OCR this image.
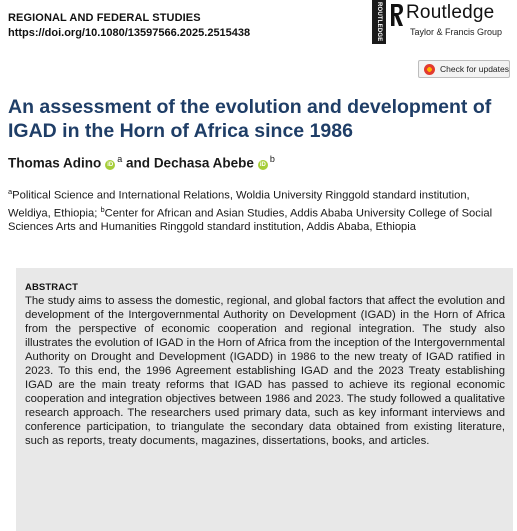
REGIONAL AND FEDERAL STUDIES
https://doi.org/10.1080/13597566.2025.2515438	ROUTLEDGE Routledge
Taylor & Francis Group
Check for updates
An assessment of the evolution and development of IGAD in the Horn of Africa since 1986
Thomas Adino $iD^a$ and Dechasa Abebe $iD^b$

$^a$Political Science and International Relations, Woldia University Ringgold standard institution, Weldiya, Ethiopia; $^b$Center for African and Asian Studies, Addis Ababa University College of Social Sciences Arts and Humanities Ringgold standard institution, Addis Ababa, Ethiopia

ABSTRACT

The study aims to assess the domestic, regional, and global factors that affect the evolution and development of the Intergovernmental Authority on Development (IGAD) in the Horn of Africa from the perspective of economic cooperation and regional integration. The study also illustrates the evolution of IGAD in the Horn of Africa from the inception of the Intergovernmental Authority on Drought and Development (IGADD) in 1986 to the new treaty of IGAD ratified in 2023. To this end, the 1996 Agreement establishing IGAD and the 2023 Treaty establishing IGAD are the main treaty reforms that IGAD has passed to achieve its regional economic cooperation and integration objectives between 1986 and 2023. The study followed a qualitative research approach. The researchers used primary data, such as key informant interviews and conference participation, to triangulate the secondary data obtained from existing literature, such as reports, treaty documents, magazines, dissertations, books, and articles.
